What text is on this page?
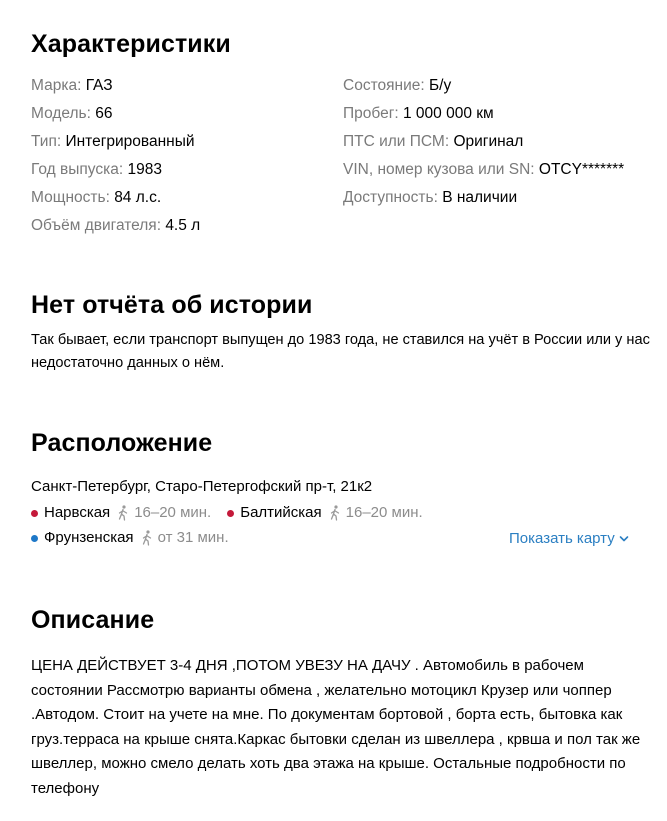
Характеристики
Марка: ГАЗ
Модель: 66
Тип: Интегрированный
Год выпуска: 1983
Мощность: 84 л.с.
Объём двигателя: 4.5 л
Состояние: Б/у
Пробег: 1 000 000 км
ПТС или ПСМ: Оригинал
VIN, номер кузова или SN: OTCY*******
Доступность: В наличии
Нет отчёта об истории

Так бывает, если транспорт выпущен до 1983 года, не ставился на учёт в России или у нас недостаточно данных о нём.

Расположение
Санкт-Петербург, Старо-Петергофский пр-т, 21к2
Нарвская 16–20 мин. Балтийская 16–20 мин.
Фрунзенская от 31 мин.	Показать карту
Описание

ЦЕНА ДЕЙСТВУЕТ 3-4 ДНЯ ,ПОТОМ УВЕЗУ НА ДАЧУ . Автомобиль в рабочем состоянии Рассмотрю варианты обмена , желательно мотоцикл Крузер или чоппер .Автодом. Стоит на учете на мне. По документам бортовой , борта есть, бытовка как груз.терраса на крыше снята.Каркас бытовки сделан из швеллера , крвша и пол так же швеллер, можно смело делать хоть два этажа на крыше. Остальные подробности по телефону
